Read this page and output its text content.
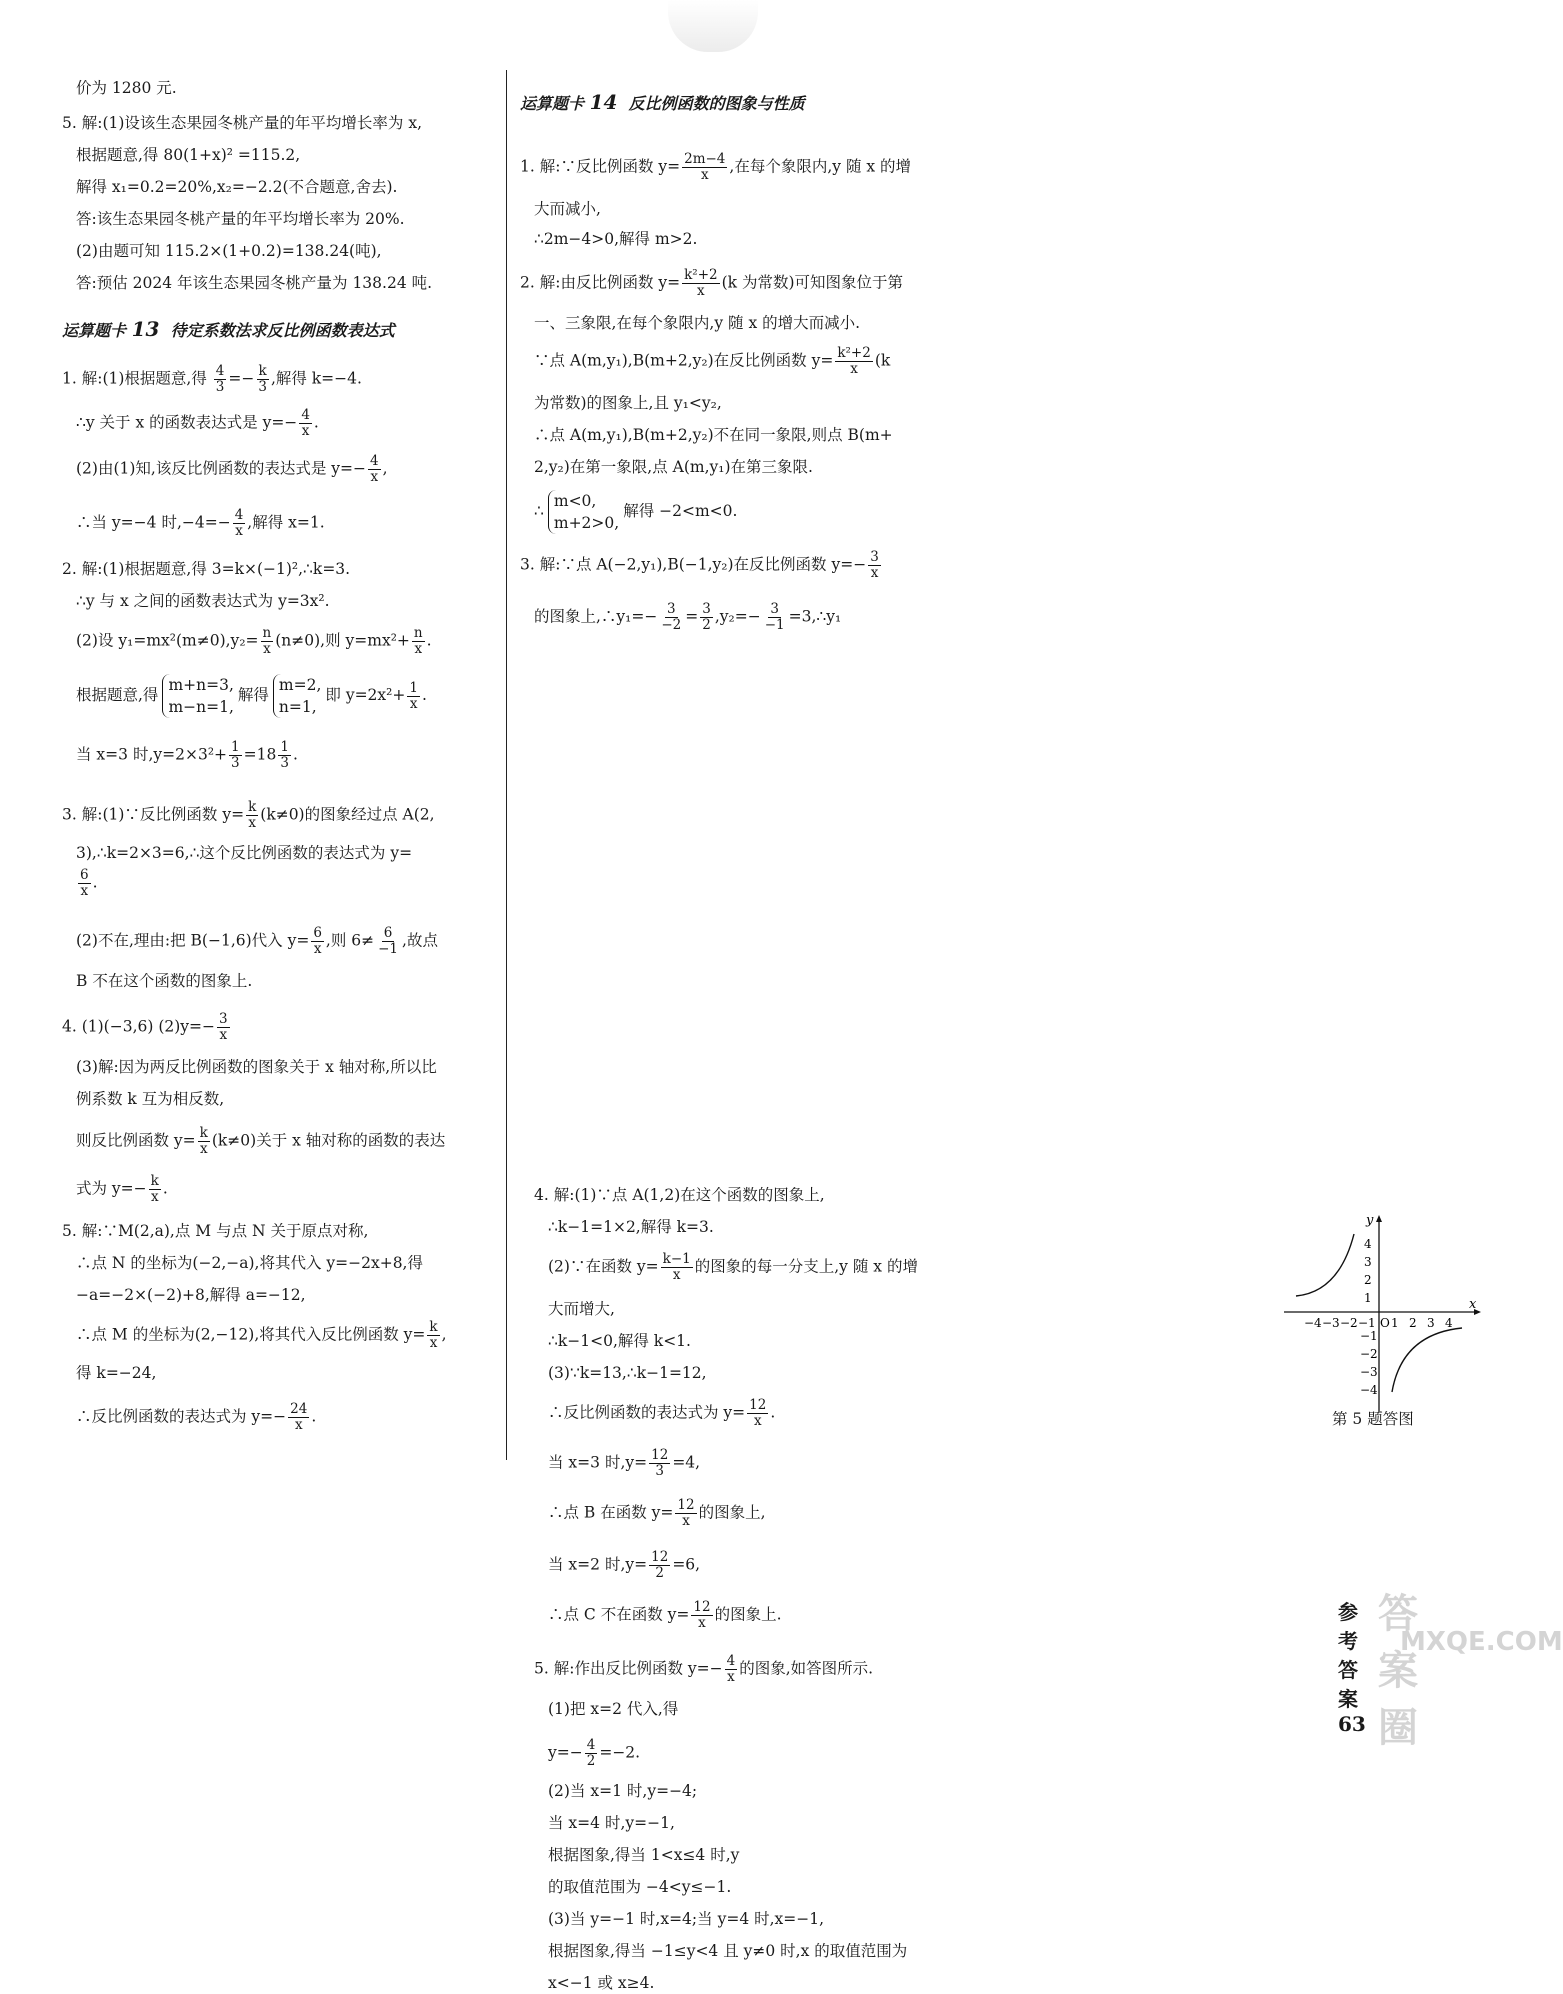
价为 1280 元.
5. 解:(1)设该生态果园冬桃产量的年平均增长率为 x,
根据题意,得 80(1+x)² =115.2,
解得 x₁=0.2=20%,x₂=−2.2(不合题意,舍去).
答:该生态果园冬桃产量的年平均增长率为 20%.
(2)由题可知 115.2×(1+0.2)=138.24(吨),
答:预估 2024 年该生态果园冬桃产量为 138.24 吨.
运算题卡 13 待定系数法求反比例函数表达式
1. 解:(1)根据题意,得 $\frac{4}{3} =- \frac{k}{3}$ ,解得 k=−4.
∴y 关于 x 的函数表达式是 $y=- \frac{4}{x}$ .
(2)由(1)知,该反比例函数的表达式是 $y=- \frac{4}{x}$ ,
∴当 y=−4 时$,-4=- \frac{4}{x}$ ,解得 x=1.
2. 解:(1)根据题意,得 3=k×(−1)²,∴k=3.
∴y 与 x 之间的函数表达式为 y=3x².
(2)设 $y_1=mx^2(m\ne 0),y_2= \frac{n}{x} (n\ne 0)$,则 $y=mx^2+ \frac{n}{x}$ .
根据题意,得m+n=3,
m−n=1,解得m=2,
n=1,即 $y=2x^2+ \frac{1}{x}$ .
当 x=3 时$,y=2\times 3^2+ \frac{1}{3} =18 \frac{1}{3}$ .
3. 解:(1)∵反比例函数 $y= \frac{k}{x} (k\ne 0)$的图象经过点 A(2,
3),∴k=2×3=6,∴这个反比例函数的表达式为 y=
$\frac{6}{x}$ .
(2)不在,理由:把 B(−1,6)代入 $y= \frac{6}{x}$ ,则 $6\ne \frac{6}{-1}$ ,故点
B 不在这个函数的图象上.
4. (1)(−3,6) $(2)y=- \frac{3}{x}$
(3)解:因为两反比例函数的图象关于 x 轴对称,所以比
例系数 k 互为相反数,
则反比例函数 $y= \frac{k}{x} (k\ne 0)$关于 x 轴对称的函数的表达
式为 $y=- \frac{k}{x}$ .
5. 解:∵M(2,a),点 M 与点 N 关于原点对称,
∴点 N 的坐标为(−2,−a),将其代入 y=−2x+8,得
−a=−2×(−2)+8,解得 a=−12,
∴点 M 的坐标为(2,−12),将其代入反比例函数 $y= \frac{k}{x}$ ,
得 k=−24,
∴反比例函数的表达式为 $y=- \frac{24}{x}$ .
运算题卡 14 反比例函数的图象与性质
1. 解:∵反比例函数 $y= \frac{2m-4}{x}$ ,在每个象限内,y 随 x 的增
大而减小,
∴2m−4>0,解得 m>2.
2. 解:由反比例函数 $y= \frac{\text{k²+2}}{x} (k$ 为常数)可知图象位于第
一、三象限,在每个象限内,y 随 x 的增大而减小.
∵点 A(m,y₁),B(m+2,y₂)在反比例函数 $y= \frac{\text{k²+2}}{x} (k$
为常数)的图象上,且 y₁<y₂,
∴点 A(m,y₁),B(m+2,y₂)不在同一象限,则点 B(m+
2,y₂)在第一象限,点 A(m,y₁)在第三象限.
∴m<0,
m+2>0,解得 −2<m<0.
3. 解:∵点 A(−2,y₁),B(−1,y₂)在反比例函数 $y=- \frac{3}{x}$
的图象上,∴y₁=− $\frac{3}{-2} = \frac{3}{2} ,y_2=- \frac{3}{-1}$ =3,∴y₁
4. 解:(1)∵点 A(1,2)在这个函数的图象上,
∴k−1=1×2,解得 k=3.
(2)∵在函数 $y= \frac{k-1}{x}$ 的图象的每一分支上,y 随 x 的增
大而增大,
∴k−1<0,解得 k<1.
(3)∵k=13,∴k−1=12,
∴反比例函数的表达式为 $y= \frac{12}{x}$ .
当 x=3 时$,y= \frac{12}{3} =4$,
∴点 B 在函数 $y= \frac{12}{x}$ 的图象上,
当 x=2 时$,y= \frac{12}{2} =6$,
∴点 C 不在函数 $y= \frac{12}{x}$ 的图象上.
5. 解:作出反比例函数 $y=- \frac{4}{x}$ 的图象,如答图所示.
(1)把 x=2 代入,得
$y=- \frac{4}{2} =-2$.
(2)当 x=1 时,y=−4;
当 x=4 时,y=−1,
根据图象,得当 1<x≤4 时,y
的取值范围为 −4<y≤−1.
(3)当 y=−1 时,x=4;当 y=4 时,x=−1,
根据图象,得当 −1≤y<4 且 y≠0 时,x 的取值范围为
x<−1 或 x≥4.
y
x
O
−4 −3 −2 −1 1 2 3 4
4
3
2
1
−1
−2
−3
−4
第 5 题答图
参考答案 63
答案圈
MXQE.COM
